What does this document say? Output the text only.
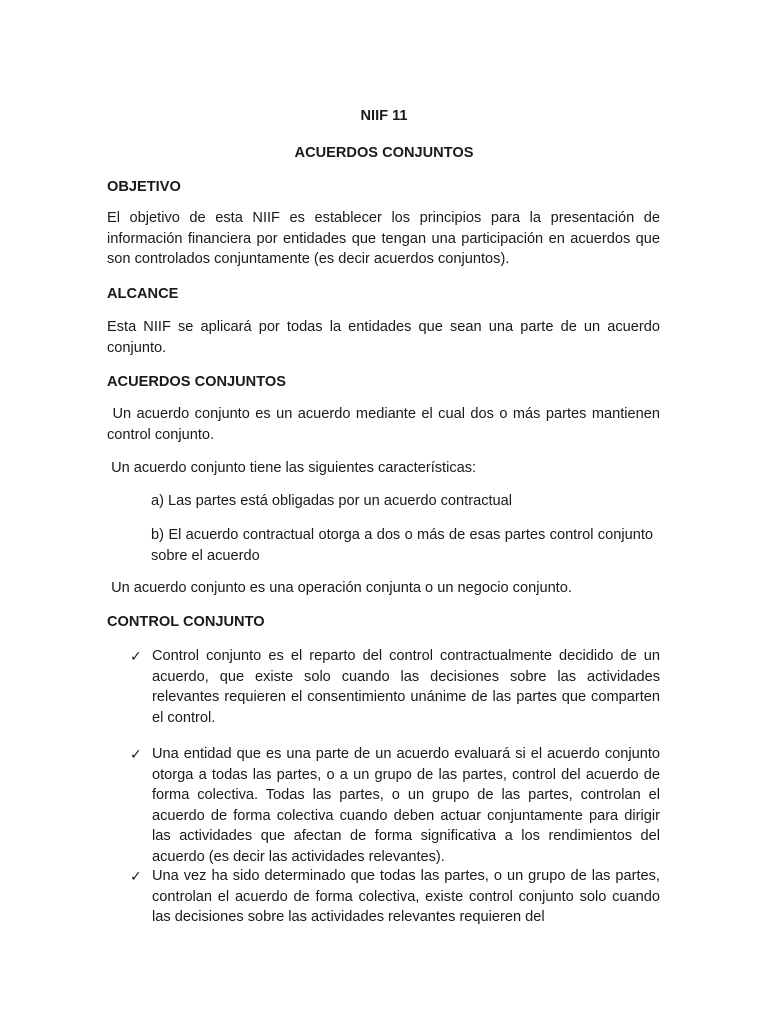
NIIF 11
ACUERDOS CONJUNTOS
OBJETIVO

El objetivo de esta NIIF es establecer los principios para la presentación de información financiera por entidades que tengan una participación en acuerdos que son controlados conjuntamente (es decir acuerdos conjuntos).

ALCANCE

Esta NIIF se aplicará por todas la entidades que sean una parte de un acuerdo conjunto.

ACUERDOS CONJUNTOS

Un acuerdo conjunto es un acuerdo mediante el cual dos o más partes mantienen control conjunto.

Un acuerdo conjunto tiene las siguientes características:

a) Las partes está obligadas por un acuerdo contractual

b) El acuerdo contractual otorga a dos o más de esas partes control conjunto sobre el acuerdo

Un acuerdo conjunto es una operación conjunta o un negocio conjunto.

CONTROL CONJUNTO
✓ Control conjunto es el reparto del control contractualmente decidido de un acuerdo, que existe solo cuando las decisiones sobre las actividades relevantes requieren el consentimiento unánime de las partes que comparten el control.

✓ Una entidad que es una parte de un acuerdo evaluará si el acuerdo conjunto otorga a todas las partes, o a un grupo de las partes, control del acuerdo de forma colectiva. Todas las partes, o un grupo de las partes, controlan el acuerdo de forma colectiva cuando deben actuar conjuntamente para dirigir las actividades que afectan de forma significativa a los rendimientos del acuerdo (es decir las actividades relevantes).

✓ Una vez ha sido determinado que todas las partes, o un grupo de las partes, controlan el acuerdo de forma colectiva, existe control conjunto solo cuando las decisiones sobre las actividades relevantes requieren del
